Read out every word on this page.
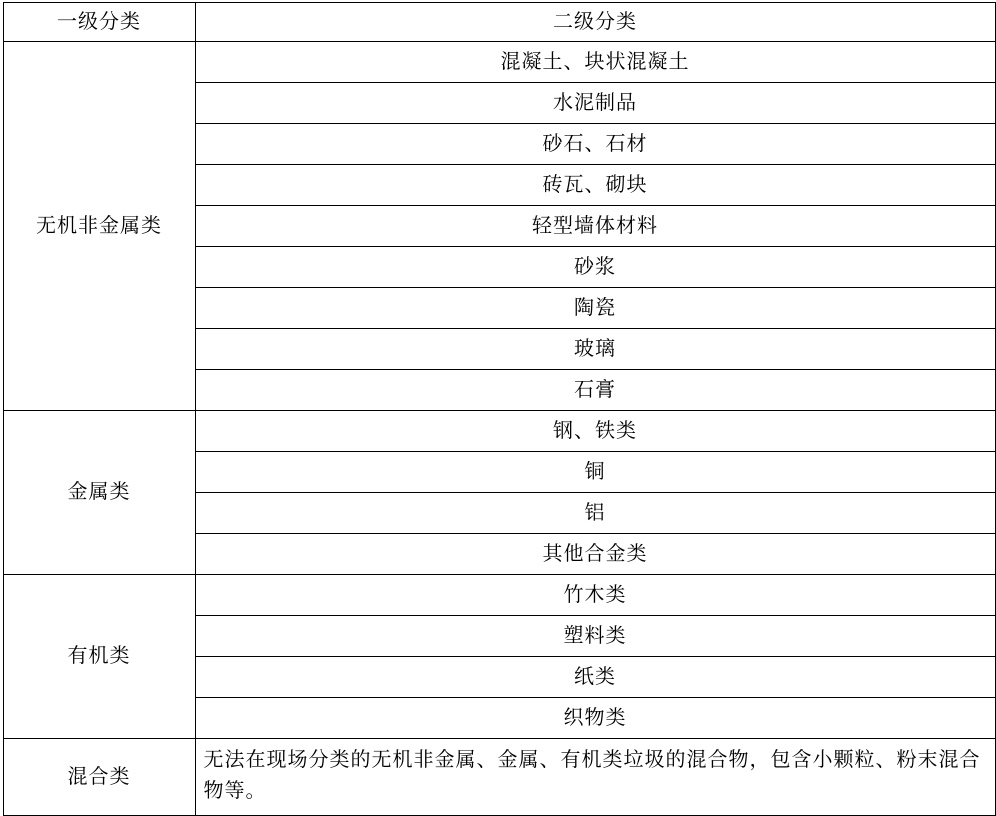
一级分类	二级分类
无机非金属类	混凝土、块状混凝土
	水泥制品
	砂石、石材
	砖瓦、砌块
	轻型墙体材料
	砂浆
	陶瓷
	玻璃
	石膏
金属类	钢、铁类
	铜
	铝
	其他合金类
有机类	竹木类
	塑料类
	纸类
	织物类
混合类	无法在现场分类的无机非金属、金属、有机类垃圾的混合物，包含小颗粒、粉末混合物等。
